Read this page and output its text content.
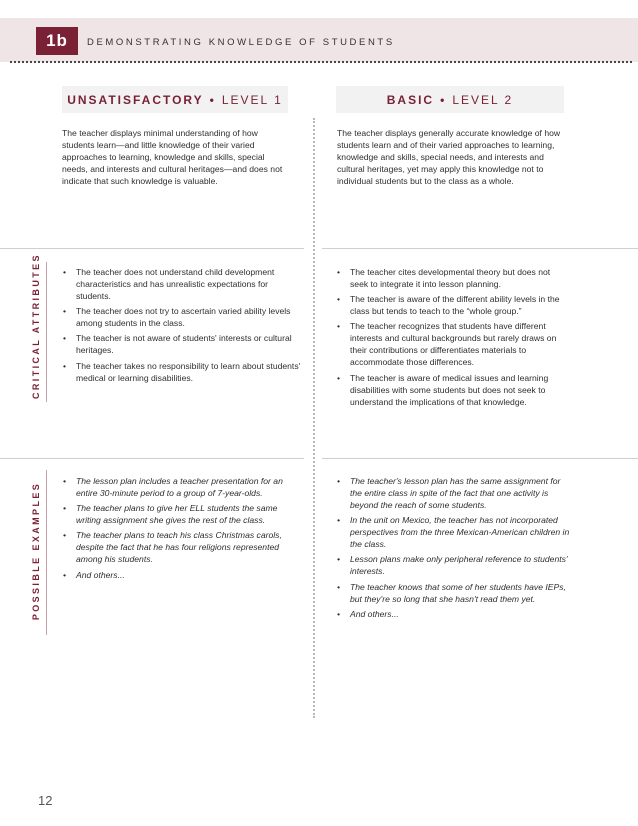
1b	DEMONSTRATING KNOWLEDGE OF STUDENTS
UNSATISFACTORY • LEVEL 1	BASIC • LEVEL 2

The teacher displays minimal understanding of how students learn—and little knowledge of their varied approaches to learning, knowledge and skills, special needs, and interests and cultural heritages—and does not indicate that such knowledge is valuable.

The teacher displays generally accurate knowledge of how students learn and of their varied approaches to learning, knowledge and skills, special needs, and interests and cultural heritages, yet may apply this knowledge not to individual students but to the class as a whole.

CRITICAL ATTRIBUTES
POSSIBLE EXAMPLES
• The teacher does not understand child development characteristics and has unrealistic expectations for students.
• The teacher does not try to ascertain varied ability levels among students in the class.
• The teacher is not aware of students' interests or cultural heritages.
• The teacher takes no responsibility to learn about students' medical or learning disabilities.
• The teacher cites developmental theory but does not seek to integrate it into lesson planning.
• The teacher is aware of the different ability levels in the class but tends to teach to the “whole group.”
• The teacher recognizes that students have different interests and cultural backgrounds but rarely draws on their contributions or differentiates materials to accommodate those differences.
• The teacher is aware of medical issues and learning disabilities with some students but does not seek to understand the implications of that knowledge.
• The lesson plan includes a teacher presentation for an entire 30-minute period to a group of 7-year-olds.
• The teacher plans to give her ELL students the same writing assignment she gives the rest of the class.
• The teacher plans to teach his class Christmas carols, despite the fact that he has four religions represented among his students.
• And others...
• The teacher's lesson plan has the same assignment for the entire class in spite of the fact that one activity is beyond the reach of some students.
• In the unit on Mexico, the teacher has not incorporated perspectives from the three Mexican-American children in the class.
• Lesson plans make only peripheral reference to students' interests.
• The teacher knows that some of her students have IEPs, but they're so long that she hasn't read them yet.
• And others...
12
